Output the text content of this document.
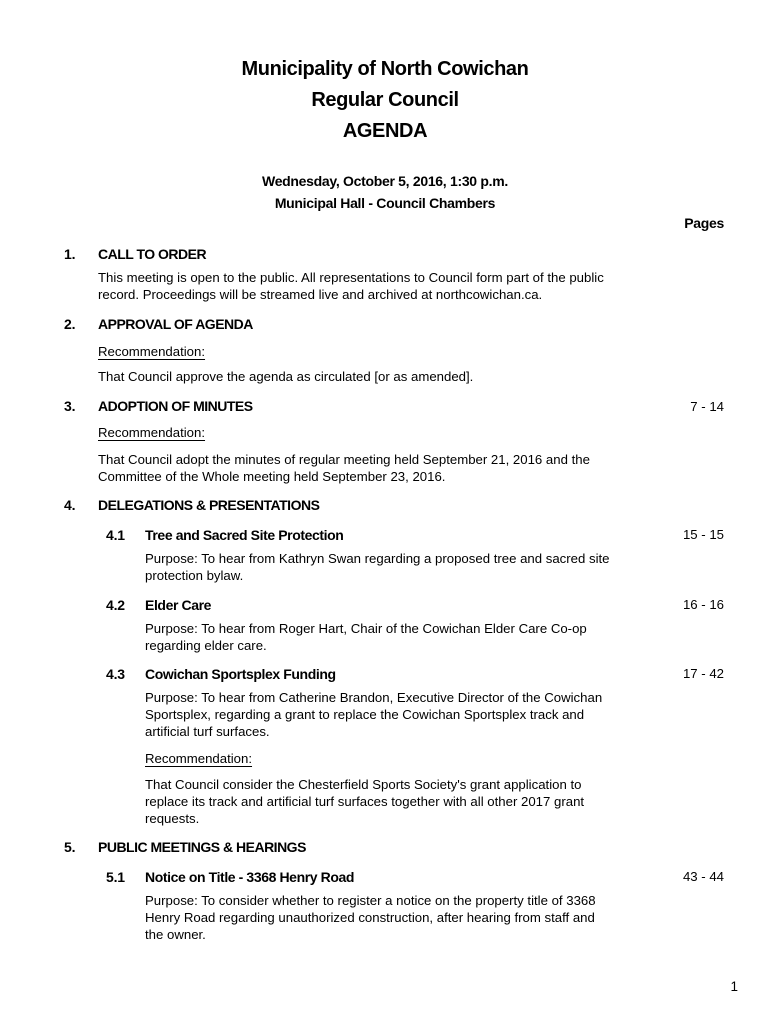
Municipality of North Cowichan
Regular Council
AGENDA
Wednesday, October 5, 2016, 1:30 p.m.
Municipal Hall - Council Chambers
Pages
1. CALL TO ORDER
This meeting is open to the public. All representations to Council form part of the public
record. Proceedings will be streamed live and archived at northcowichan.ca.
2. APPROVAL OF AGENDA
Recommendation:
That Council approve the agenda as circulated [or as amended].
3. ADOPTION OF MINUTES	7 - 14
Recommendation:
That Council adopt the minutes of regular meeting held September 21, 2016 and the
Committee of the Whole meeting held September 23, 2016.
4. DELEGATIONS & PRESENTATIONS
4.1 Tree and Sacred Site Protection	15 - 15
Purpose: To hear from Kathryn Swan regarding a proposed tree and sacred site
protection bylaw.
4.2 Elder Care	16 - 16
Purpose: To hear from Roger Hart, Chair of the Cowichan Elder Care Co-op
regarding elder care.
4.3 Cowichan Sportsplex Funding	17 - 42
Purpose: To hear from Catherine Brandon, Executive Director of the Cowichan
Sportsplex, regarding a grant to replace the Cowichan Sportsplex track and
artificial turf surfaces.
Recommendation:
That Council consider the Chesterfield Sports Society's grant application to
replace its track and artificial turf surfaces together with all other 2017 grant
requests.
5. PUBLIC MEETINGS & HEARINGS
5.1 Notice on Title - 3368 Henry Road	43 - 44
Purpose: To consider whether to register a notice on the property title of 3368
Henry Road regarding unauthorized construction, after hearing from staff and
the owner.
1
